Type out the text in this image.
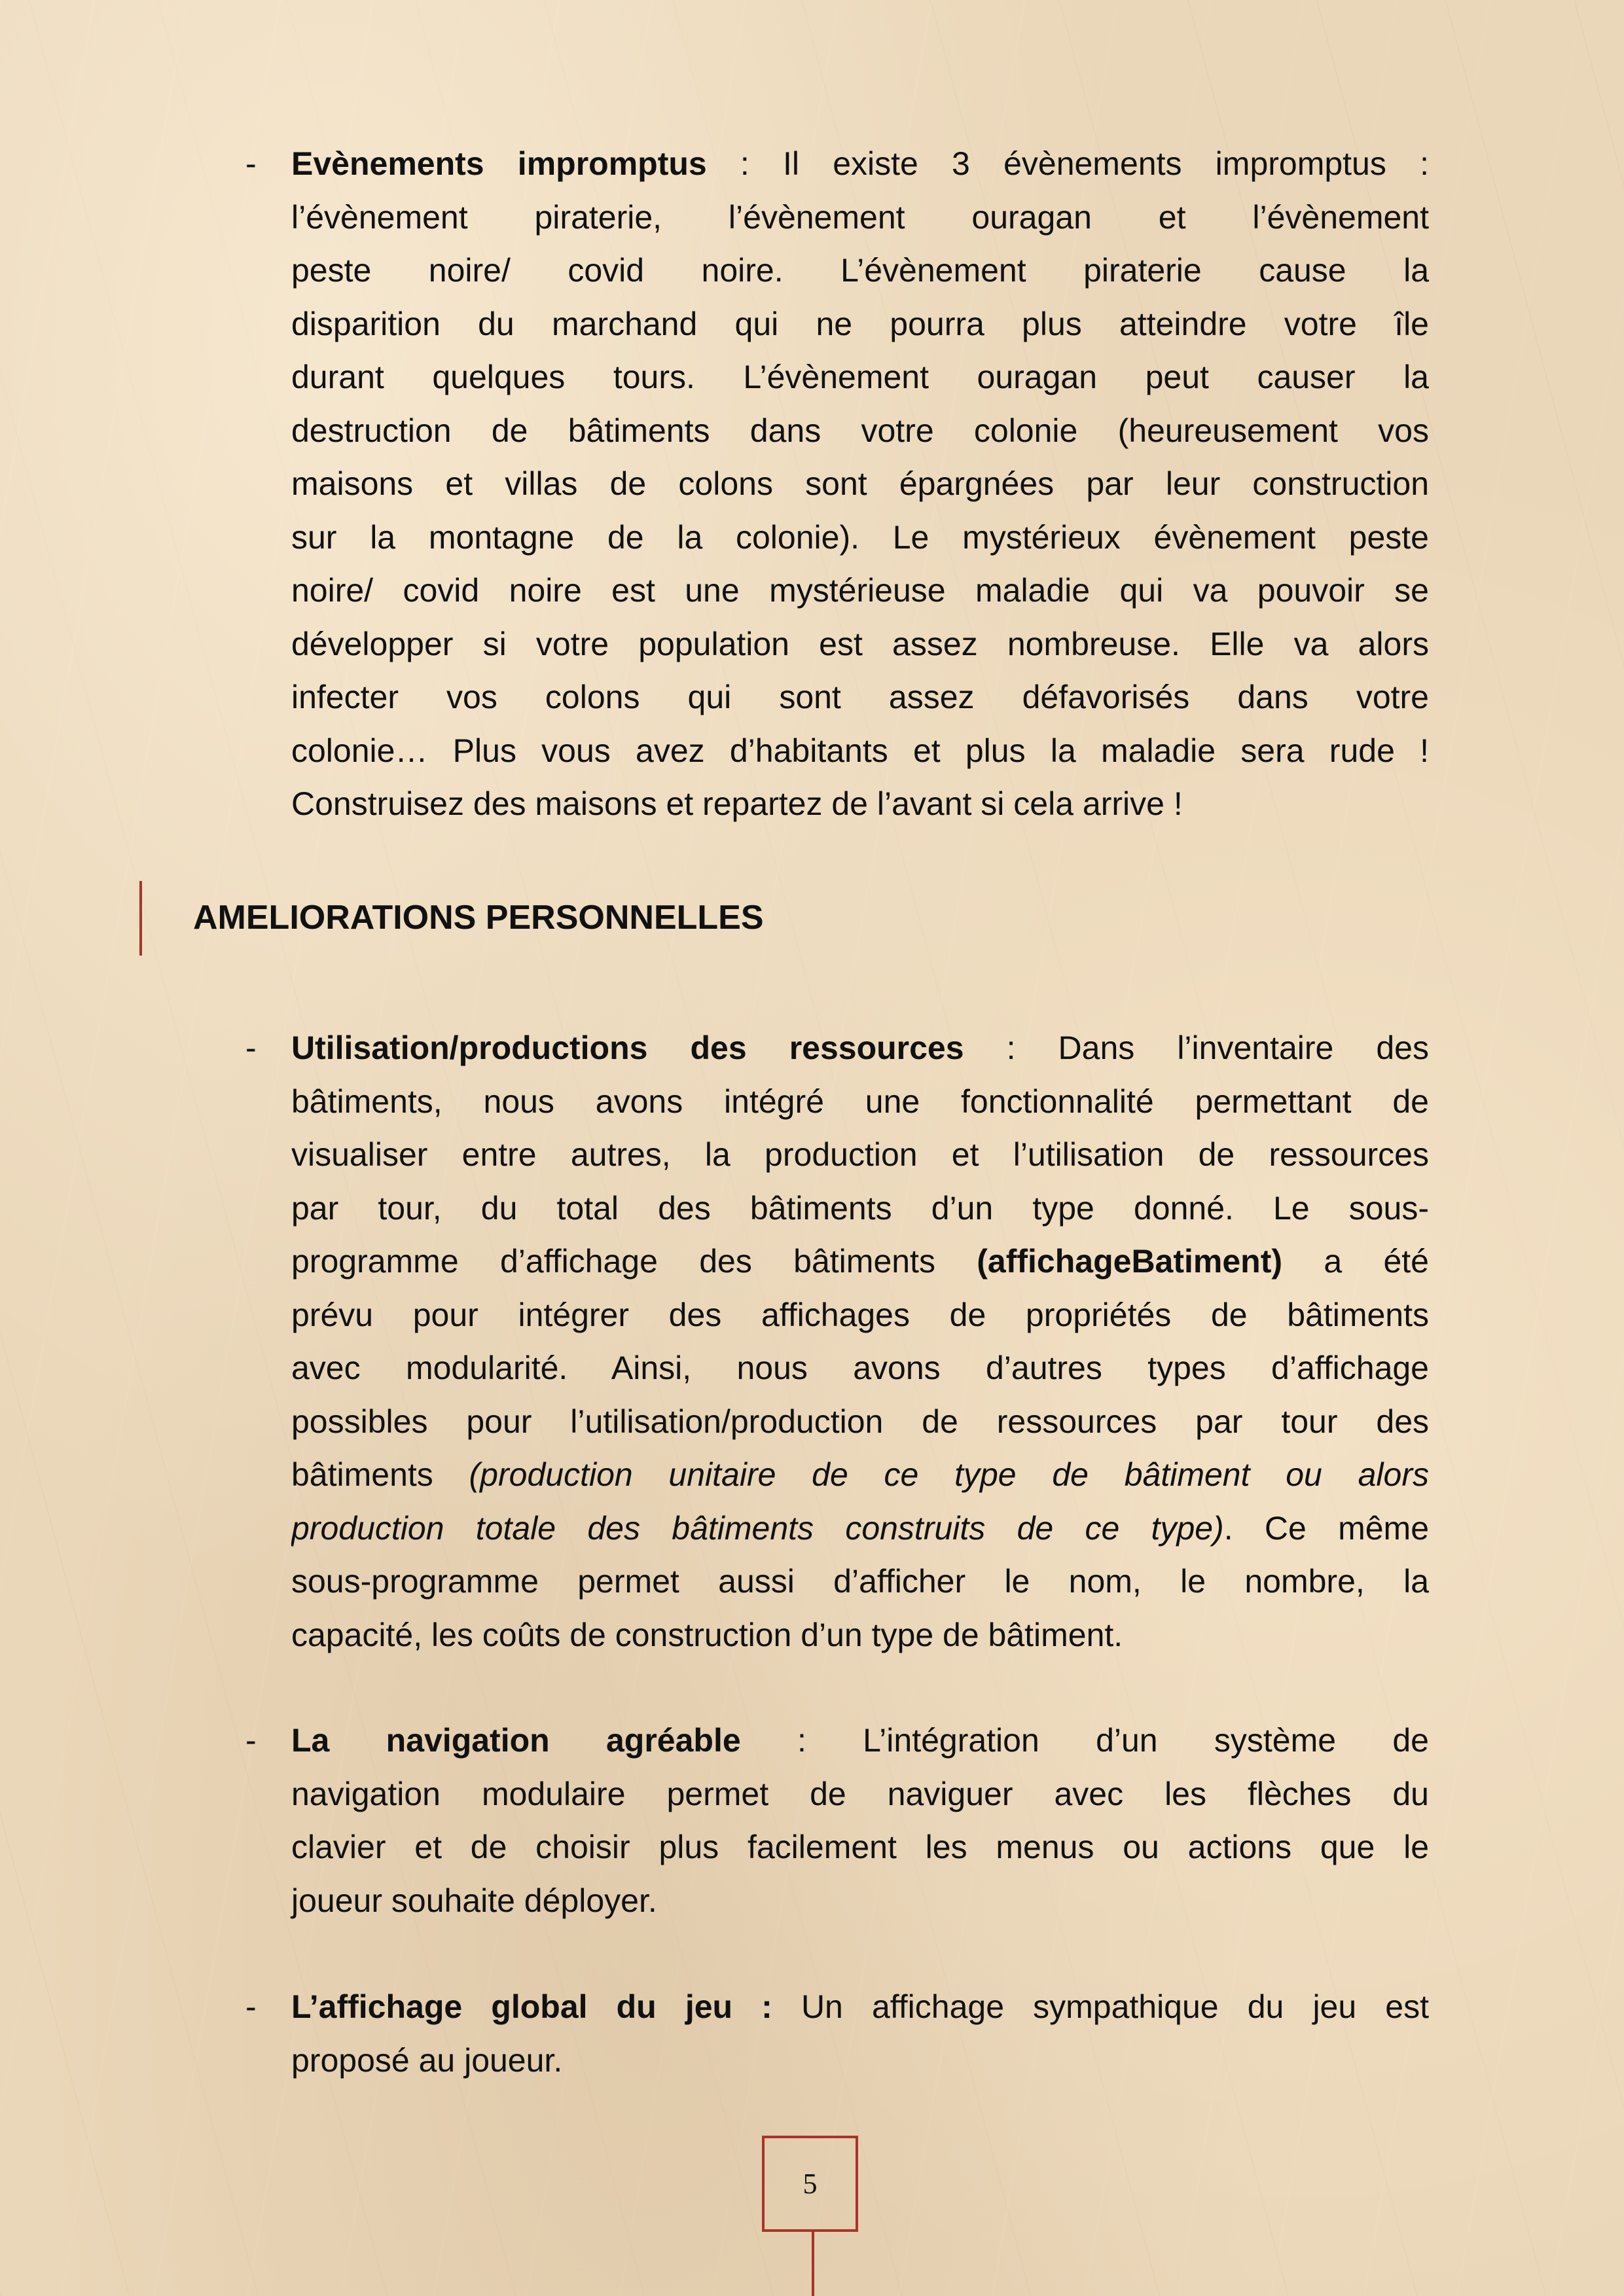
- Evènements impromptus : Il existe 3 évènements impromptus :
l’évènement piraterie, l’évènement ouragan et l’évènement
peste noire/ covid noire. L’évènement piraterie cause la
disparition du marchand qui ne pourra plus atteindre votre île
durant quelques tours. L’évènement ouragan peut causer la
destruction de bâtiments dans votre colonie (heureusement vos
maisons et villas de colons sont épargnées par leur construction
sur la montagne de la colonie). Le mystérieux évènement peste
noire/ covid noire est une mystérieuse maladie qui va pouvoir se
développer si votre population est assez nombreuse. Elle va alors
infecter vos colons qui sont assez défavorisés dans votre
colonie… Plus vous avez d’habitants et plus la maladie sera rude !
Construisez des maisons et repartez de l’avant si cela arrive !
AMELIORATIONS PERSONNELLES
- Utilisation/productions des ressources : Dans l’inventaire des
bâtiments, nous avons intégré une fonctionnalité permettant de
visualiser entre autres, la production et l’utilisation de ressources
par tour, du total des bâtiments d’un type donné. Le sous-
programme d’affichage des bâtiments (affichageBatiment) a été
prévu pour intégrer des affichages de propriétés de bâtiments
avec modularité. Ainsi, nous avons d’autres types d’affichage
possibles pour l’utilisation/production de ressources par tour des
bâtiments (production unitaire de ce type de bâtiment ou alors
production totale des bâtiments construits de ce type). Ce même
sous-programme permet aussi d’afficher le nom, le nombre, la
capacité, les coûts de construction d’un type de bâtiment.
- La navigation agréable : L’intégration d’un système de
navigation modulaire permet de naviguer avec les flèches du
clavier et de choisir plus facilement les menus ou actions que le
joueur souhaite déployer.
- L’affichage global du jeu : Un affichage sympathique du jeu est
proposé au joueur.
5
